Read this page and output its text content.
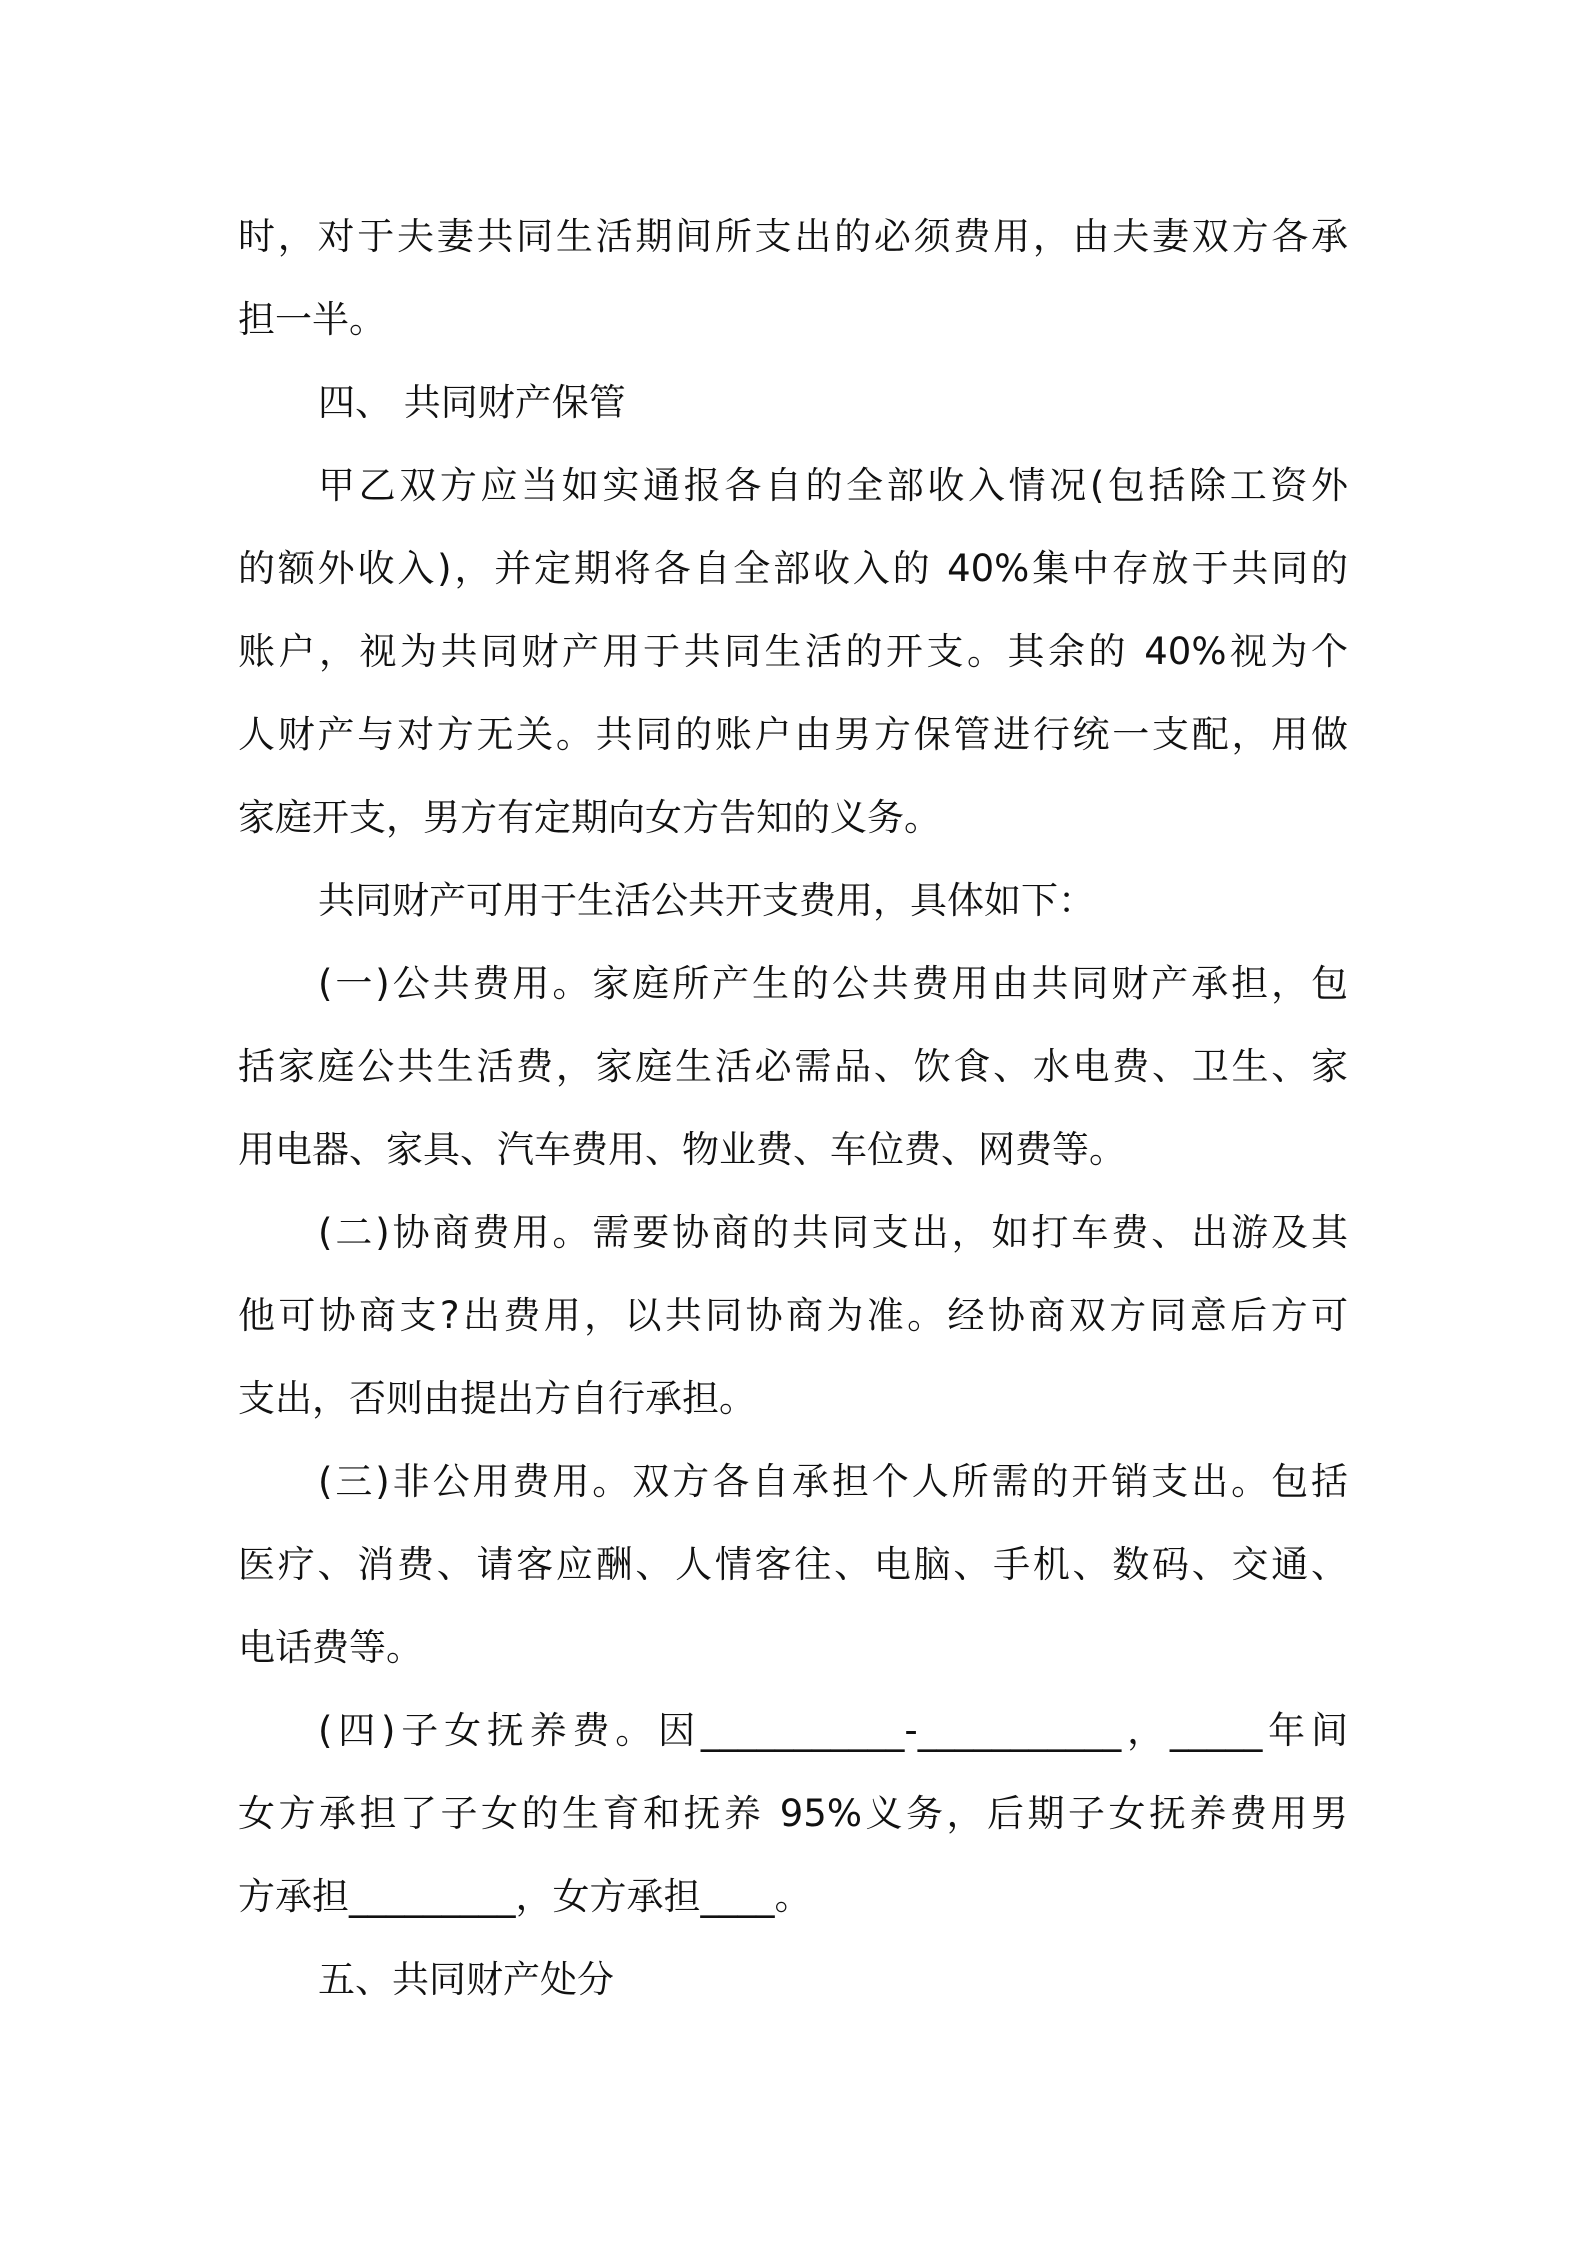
时，对于夫妻共同生活期间所支出的必须费用，由夫妻双方各承
担一半。
四、 共同财产保管
甲乙双方应当如实通报各自的全部收入情况(包括除工资外
的额外收入)，并定期将各自全部收入的 40%集中存放于共同的
账户，视为共同财产用于共同生活的开支。其余的 40%视为个
人财产与对方无关。共同的账户由男方保管进行统一支配，用做
家庭开支，男方有定期向女方告知的义务。
共同财产可用于生活公共开支费用，具体如下：
(一)公共费用。家庭所产生的公共费用由共同财产承担，包
括家庭公共生活费，家庭生活必需品、饮食、水电费、卫生、家
用电器、家具、汽车费用、物业费、车位费、网费等。
(二)协商费用。需要协商的共同支出，如打车费、出游及其
他可协商支?出费用，以共同协商为准。经协商双方同意后方可
支出，否则由提出方自行承担。
(三)非公用费用。双方各自承担个人所需的开销支出。包括
医疗、消费、请客应酬、人情客往、电脑、手机、数码、交通、
电话费等。
(四)子女抚养费。因___________-___________，_____年间
女方承担了子女的生育和抚养 95%义务，后期子女抚养费用男
方承担_________，女方承担____。
五、共同财产处分
